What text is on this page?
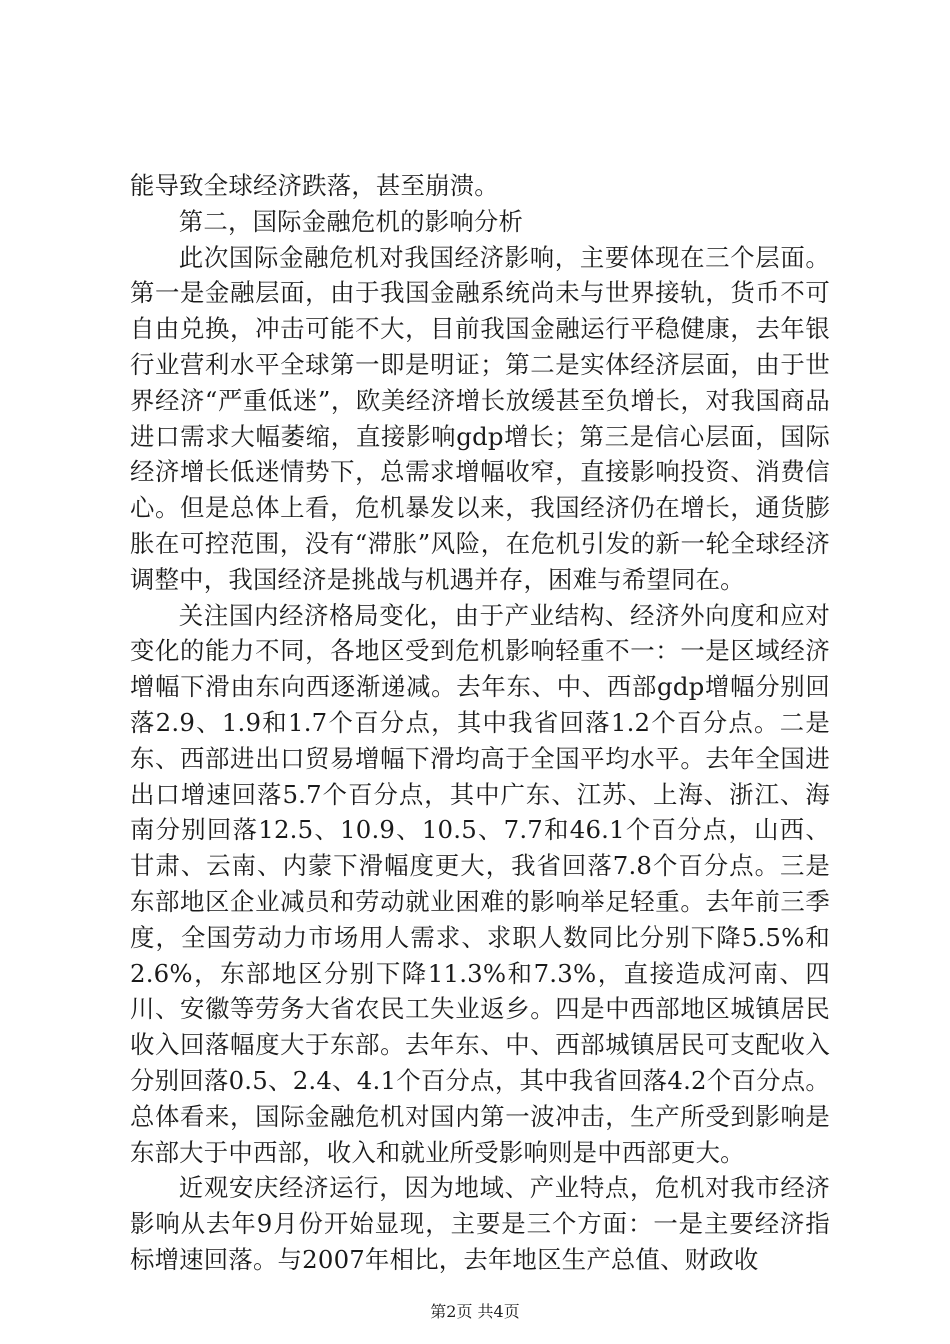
能导致全球经济跌落，甚至崩溃。

第二，国际金融危机的影响分析

此次国际金融危机对我国经济影响，主要体现在三个层面。第一是金融层面，由于我国金融系统尚未与世界接轨，货币不可自由兑换，冲击可能不大，目前我国金融运行平稳健康，去年银行业营利水平全球第一即是明证；第二是实体经济层面，由于世界经济“严重低迷”，欧美经济增长放缓甚至负增长，对我国商品进口需求大幅萎缩，直接影响gdp增长；第三是信心层面，国际经济增长低迷情势下，总需求增幅收窄，直接影响投资、消费信心。但是总体上看，危机暴发以来，我国经济仍在增长，通货膨胀在可控范围，没有“滞胀”风险，在危机引发的新一轮全球经济调整中，我国经济是挑战与机遇并存，困难与希望同在。

关注国内经济格局变化，由于产业结构、经济外向度和应对变化的能力不同，各地区受到危机影响轻重不一：一是区域经济增幅下滑由东向西逐渐递减。去年东、中、西部gdp增幅分别回落2.9、1.9和1.7个百分点，其中我省回落1.2个百分点。二是东、西部进出口贸易增幅下滑均高于全国平均水平。去年全国进出口增速回落5.7个百分点，其中广东、江苏、上海、浙江、海南分别回落12.5、10.9、10.5、7.7和46.1个百分点，山西、甘肃、云南、内蒙下滑幅度更大，我省回落7.8个百分点。三是东部地区企业减员和劳动就业困难的影响举足轻重。去年前三季度，全国劳动力市场用人需求、求职人数同比分别下降5.5%和2.6%，东部地区分别下降11.3%和7.3%，直接造成河南、四川、安徽等劳务大省农民工失业返乡。四是中西部地区城镇居民收入回落幅度大于东部。去年东、中、西部城镇居民可支配收入分别回落0.5、2.4、4.1个百分点，其中我省回落4.2个百分点。总体看来，国际金融危机对国内第一波冲击，生产所受到影响是东部大于中西部，收入和就业所受影响则是中西部更大。

近观安庆经济运行，因为地域、产业特点，危机对我市经济影响从去年9月份开始显现，主要是三个方面：一是主要经济指标增速回落。与2007年相比，去年地区生产总值、财政收

第2页 共4页
